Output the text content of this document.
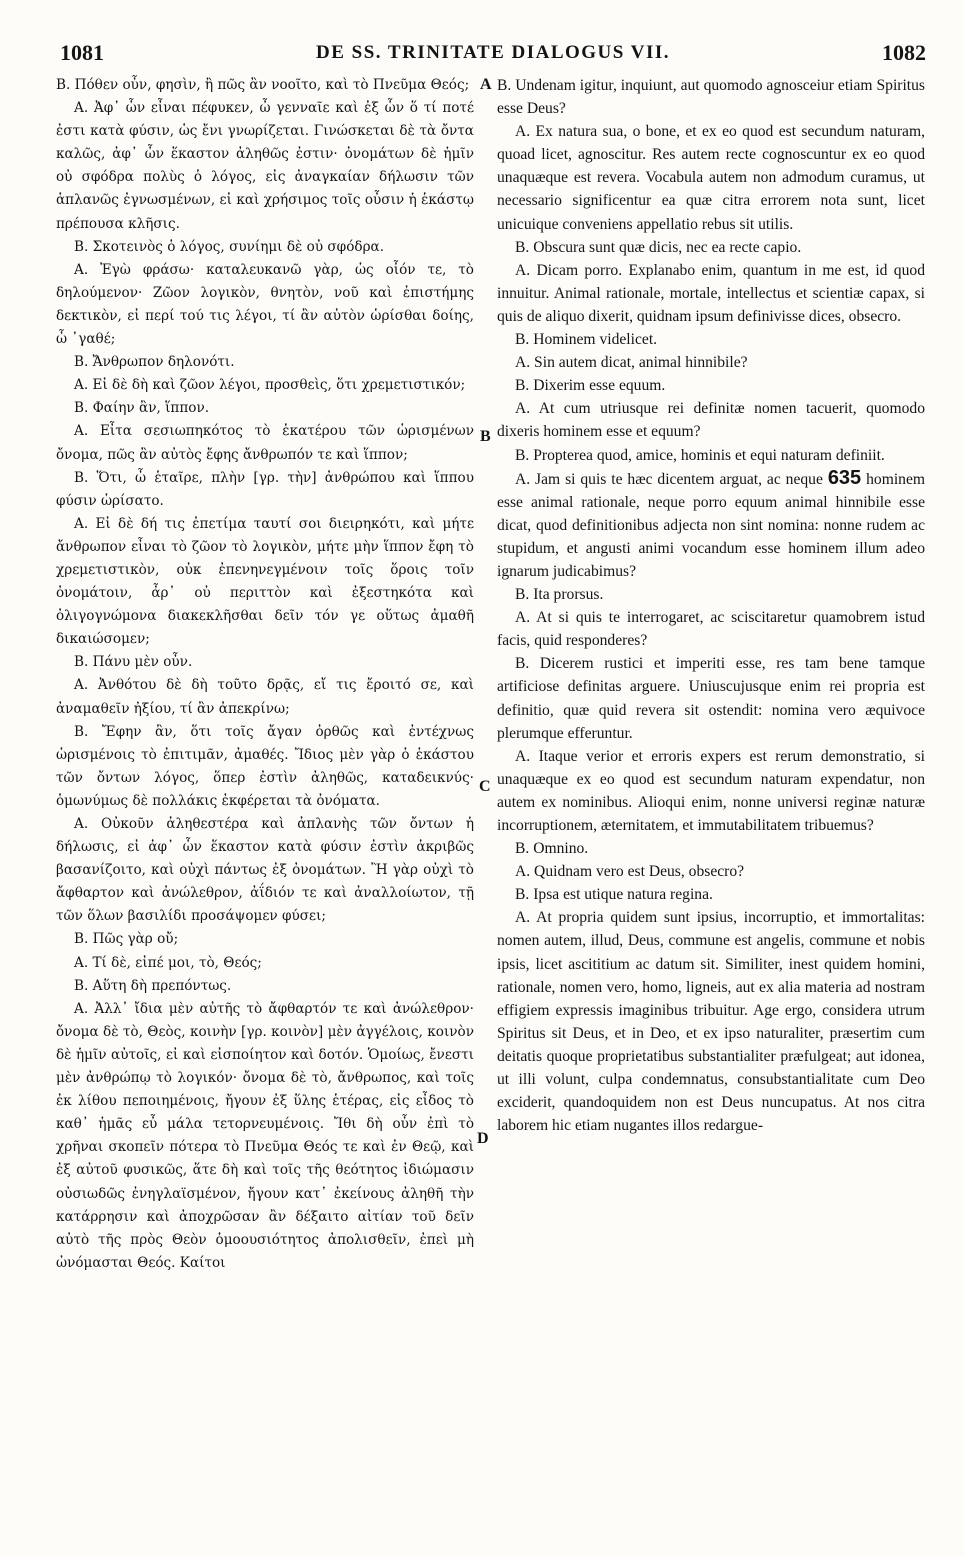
1081	DE SS. TRINITATE DIALOGUS VII.	1082

Β. Πόθεν οὖν, φησὶν, ἢ πῶς ἂν νοοῖτο, καὶ τὸ Πνεῦμα Θεός;

Α. Ἀφ᾽ ὧν εἶναι πέφυκεν, ὦ γενναῖε καὶ ἐξ ὧν ὅ τί ποτέ ἐστι κατὰ φύσιν, ὡς ἔνι γνωρίζεται. Γινώσκεται δὲ τὰ ὄντα καλῶς, ἀφ᾽ ὧν ἕκαστον ἀληθῶς ἐστιν· ὀνομάτων δὲ ἡμῖν οὐ σφόδρα πολὺς ὁ λόγος, εἰς ἀναγκαίαν δήλωσιν τῶν ἁπλανῶς ἐγνωσμένων, εἰ καὶ χρήσιμος τοῖς οὖσιν ἡ ἑκάστῳ πρέπουσα κλῆσις.

Β. Σκοτεινὸς ὁ λόγος, συνίημι δὲ οὐ σφόδρα.

Α. Ἐγὼ φράσω· καταλευκανῶ γὰρ, ὡς οἷόν τε, τὸ δηλούμενον· Ζῶον λογικὸν, θνητὸν, νοῦ καὶ ἐπιστήμης δεκτικὸν, εἰ περί τού τις λέγοι, τί ἂν αὐτὸν ὡρίσθαι δοίης, ὦ ᾿γαθέ;

Β. Ἄνθρωπον δηλονότι.

Α. Εἰ δὲ δὴ καὶ ζῶον λέγοι, προσθεὶς, ὅτι χρεμετιστικόν;

Β. Φαίην ἂν, ἵππον.

Α. Εἶτα σεσιωπηκότος τὸ ἑκατέρου τῶν ὡρισμένων ὄνομα, πῶς ἂν αὐτὸς ἔφης ἄνθρωπόν τε καὶ ἵππον;

Β. Ὅτι, ὦ ἑταῖρε, πλὴν [γρ. τὴν] ἀνθρώπου καὶ ἵππου φύσιν ὡρίσατο.

Α. Εἰ δὲ δή τις ἐπετίμα ταυτί σοι διειρηκότι, καὶ μήτε ἄνθρωπον εἶναι τὸ ζῶον τὸ λογικὸν, μήτε μὴν ἵππον ἔφη τὸ χρεμετιστικὸν, οὐκ ἐπενηνεγμένοιν τοῖς ὅροις τοῖν ὀνομάτοιν, ἆρ᾽ οὐ περιττὸν καὶ ἐξεστηκότα καὶ ὀλιγογνώμονα διακεκλῆσθαι δεῖν τόν γε οὕτως ἀμαθῆ δικαιώσομεν;

Β. Πάνυ μὲν οὖν.

Α. Ἀνθότου δὲ δὴ τοῦτο δρᾷς, εἴ τις ἔροιτό σε, καὶ ἀναμαθεῖν ἠξίου, τί ἂν ἀπεκρίνω;

Β. Ἔφην ἂν, ὅτι τοῖς ἄγαν ὀρθῶς καὶ ἐντέχνως ὡρισμένοις τὸ ἐπιτιμᾶν, ἀμαθές. Ἴδιος μὲν γὰρ ὁ ἑκάστου τῶν ὄντων λόγος, ὅπερ ἐστὶν ἀληθῶς, καταδεικνύς· ὁμωνύμως δὲ πολλάκις ἐκφέρεται τὰ ὀνόματα.

Α. Οὐκοῦν ἀληθεστέρα καὶ ἀπλανὴς τῶν ὄντων ἡ δήλωσις, εἰ ἀφ᾽ ὧν ἕκαστον κατὰ φύσιν ἐστὶν ἀκριβῶς βασανίζοιτο, καὶ οὐχὶ πάντως ἐξ ὀνομάτων. Ἢ γὰρ οὐχὶ τὸ ἄφθαρτον καὶ ἀνώλεθρον, ἀΐδιόν τε καὶ ἀναλλοίωτον, τῇ τῶν ὅλων βασιλίδι προσάψομεν φύσει;

Β. Πῶς γὰρ οὔ;

Α. Τί δὲ, εἰπέ μοι, τὸ, Θεός;

Β. Αὕτη δὴ πρεπόντως.

Α. Ἀλλ᾽ ἴδια μὲν αὐτῆς τὸ ἄφθαρτόν τε καὶ ἀνώλεθρον· ὄνομα δὲ τὸ, Θεὸς, κοινὴν [γρ. κοινὸν] μὲν ἀγγέλοις, κοινὸν δὲ ἡμῖν αὐτοῖς, εἰ καὶ εἰσποίητον καὶ δοτόν. Ὁμοίως, ἔνεστι μὲν ἀνθρώπῳ τὸ λογικόν· ὄνομα δὲ τὸ, ἄνθρωπος, καὶ τοῖς ἐκ λίθου πεποιημένοις, ἤγουν ἐξ ὕλης ἑτέρας, εἰς εἶδος τὸ καθ᾽ ἡμᾶς εὖ μάλα τετορνευμένοις. Ἴθι δὴ οὖν ἐπὶ τὸ χρῆναι σκοπεῖν πότερα τὸ Πνεῦμα Θεός τε καὶ ἐν Θεῷ, καὶ ἐξ αὐτοῦ φυσικῶς, ἅτε δὴ καὶ τοῖς τῆς θεότητος ἰδιώμασιν οὐσιωδῶς ἐνηγλαϊσμένον, ἤγουν κατ᾽ ἐκείνους ἀληθῆ τὴν κατάρρησιν καὶ ἀποχρῶσαν ἂν δέξαιτο αἰτίαν τοῦ δεῖν αὐτὸ τῆς πρὸς Θεὸν ὁμοουσιότητος ἀπολισθεῖν, ἐπεὶ μὴ ὠνόμασται Θεός. Καίτοι

B. Undenam igitur, inquiunt, aut quomodo agnosceiur etiam Spiritus esse Deus?

A. Ex natura sua, o bone, et ex eo quod est secundum naturam, quoad licet, agnoscitur. Res autem recte cognoscuntur ex eo quod unaquæque est revera. Vocabula autem non admodum curamus, ut necessario significentur ea quæ citra errorem nota sunt, licet unicuique conveniens appellatio rebus sit utilis.

B. Obscura sunt quæ dicis, nec ea recte capio.

A. Dicam porro. Explanabo enim, quantum in me est, id quod innuitur. Animal rationale, mortale, intellectus et scientiæ capax, si quis de aliquo dixerit, quidnam ipsum definivisse dices, obsecro.

B. Hominem videlicet.

A. Sin autem dicat, animal hinnibile?

B. Dixerim esse equum.

A. At cum utriusque rei definitæ nomen tacuerit, quomodo dixeris hominem esse et equum?

B. Propterea quod, amice, hominis et equi naturam definiit.

A. Jam si quis te hæc dicentem arguat, ac neque 635 hominem esse animal rationale, neque porro equum animal hinnibile esse dicat, quod definitionibus adjecta non sint nomina: nonne rudem ac stupidum, et angusti animi vocandum esse hominem illum adeo ignarum judicabimus?

B. Ita prorsus.

A. At si quis te interrogaret, ac sciscitaretur quamobrem istud facis, quid responderes?

B. Dicerem rustici et imperiti esse, res tam bene tamque artificiose definitas arguere. Uniuscujusque enim rei propria est definitio, quæ quid revera sit ostendit: nomina vero æquivoce plerumque efferuntur.

A. Itaque verior et erroris expers est rerum demonstratio, si unaquæque ex eo quod est secundum naturam expendatur, non autem ex nominibus. Alioqui enim, nonne universi reginæ naturæ incorruptionem, æternitatem, et immutabilitatem tribuemus?

B. Omnino.

A. Quidnam vero est Deus, obsecro?

B. Ipsa est utique natura regina.

A. At propria quidem sunt ipsius, incorruptio, et immortalitas: nomen autem, illud, Deus, commune est angelis, commune et nobis ipsis, licet ascititium ac datum sit. Similiter, inest quidem homini, rationale, nomen vero, homo, ligneis, aut ex alia materia ad nostram effigiem expressis imaginibus tribuitur. Age ergo, considera utrum Spiritus sit Deus, et in Deo, et ex ipso naturaliter, præsertim cum deitatis quoque proprietatibus substantialiter præfulgeat; aut idonea, ut illi volunt, culpa condemnatus, consubstantialitate cum Deo exciderit, quandoquidem non est Deus nuncupatus. At nos citra laborem hic etiam nugantes illos redargue-

A
B
C
D
